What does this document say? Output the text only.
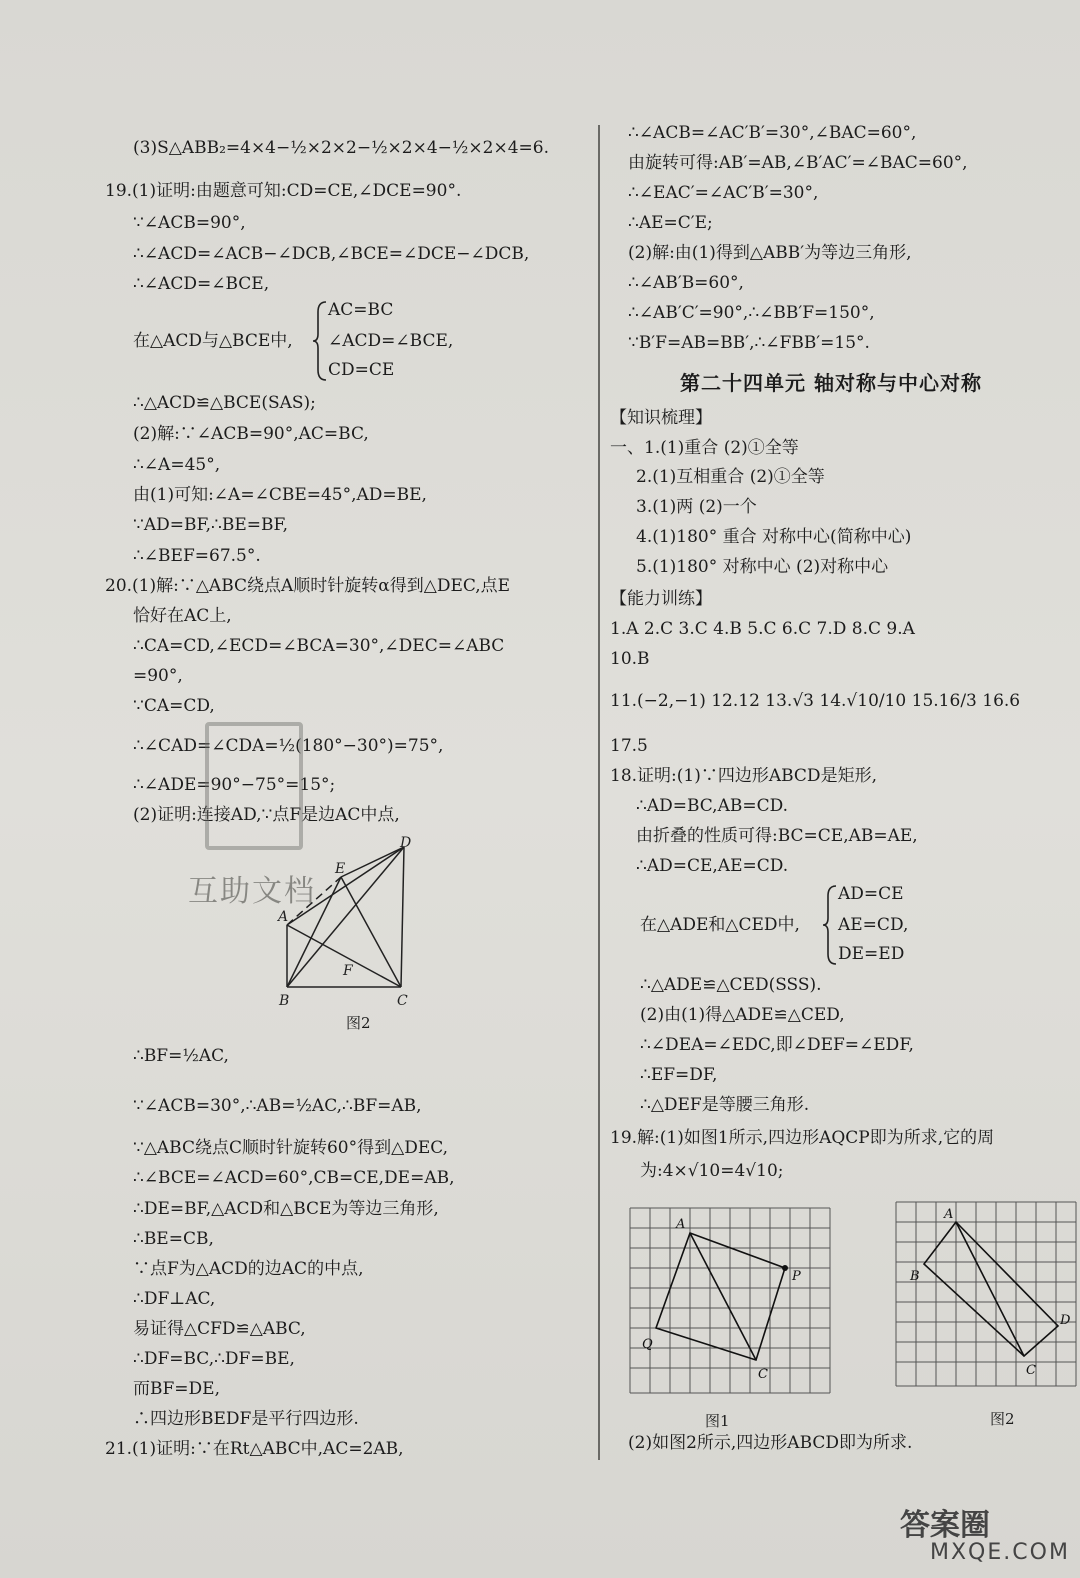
(3)S△ABB₂=4×4−½×2×2−½×2×4−½×2×4=6.
19.(1)证明:由题意可知:CD=CE,∠DCE=90°.
∵∠ACB=90°,
∴∠ACD=∠ACB−∠DCB,∠BCE=∠DCE−∠DCB,
∴∠ACD=∠BCE,
AC=BC
在△ACD与△BCE中, ∠ACD=∠BCE,
CD=CE
∴△ACD≌△BCE(SAS);
(2)解:∵∠ACB=90°,AC=BC,
∴∠A=45°,
由(1)可知:∠A=∠CBE=45°,AD=BE,
∵AD=BF,∴BE=BF,
∴∠BEF=67.5°.
20.(1)解:∵△ABC绕点A顺时针旋转α得到△DEC,点E
恰好在AC上,
∴CA=CD,∠ECD=∠BCA=30°,∠DEC=∠ABC
=90°,
∵CA=CD,
∴∠CAD=∠CDA=½(180°−30°)=75°,
∴∠ADE=90°−75°=15°;
(2)证明:连接AD,∵点F是边AC中点,
互助文档
A
B	C
D
E
F
图2
∴BF=½AC,
∵∠ACB=30°,∴AB=½AC,∴BF=AB,
∵△ABC绕点C顺时针旋转60°得到△DEC,
∴∠BCE=∠ACD=60°,CB=CE,DE=AB,
∴DE=BF,△ACD和△BCE为等边三角形,
∴BE=CB,
∵点F为△ACD的边AC的中点,
∴DF⊥AC,
易证得△CFD≌△ABC,
∴DF=BC,∴DF=BE,
而BF=DE,
∴四边形BEDF是平行四边形.
21.(1)证明:∵在Rt△ABC中,AC=2AB,
∴∠ACB=∠AC′B′=30°,∠BAC=60°,
由旋转可得:AB′=AB,∠B′AC′=∠BAC=60°,
∴∠EAC′=∠AC′B′=30°,
∴AE=C′E;
(2)解:由(1)得到△ABB′为等边三角形,
∴∠AB′B=60°,
∴∠AB′C′=90°,∴∠BB′F=150°,
∵B′F=AB=BB′,∴∠FBB′=15°.
第二十四单元 轴对称与中心对称
【知识梳理】
一、1.(1)重合 (2)①全等
2.(1)互相重合 (2)①全等
3.(1)两 (2)一个
4.(1)180° 重合 对称中心(简称中心)
5.(1)180° 对称中心 (2)对称中心
【能力训练】
1.A 2.C 3.C 4.B 5.C 6.C 7.D 8.C 9.A
10.B
11.(−2,−1) 12.12 13.√3 14.√10/10 15.16/3 16.6
17.5
18.证明:(1)∵四边形ABCD是矩形,
∴AD=BC,AB=CD.
由折叠的性质可得:BC=CE,AB=AE,
∴AD=CE,AE=CD.
AD=CE
在△ADE和△CED中, AE=CD,
DE=ED
∴△ADE≌△CED(SSS).
(2)由(1)得△ADE≌△CED,
∴∠DEA=∠EDC,即∠DEF=∠EDF,
∴EF=DF,
∴△DEF是等腰三角形.
19.解:(1)如图1所示,四边形AQCP即为所求,它的周
为:4×√10=4√10;
A
P
Q
C
图1
A
B
C
D
图2
(2)如图2所示,四边形ABCD即为所求.
答案圈
MXQE.COM
